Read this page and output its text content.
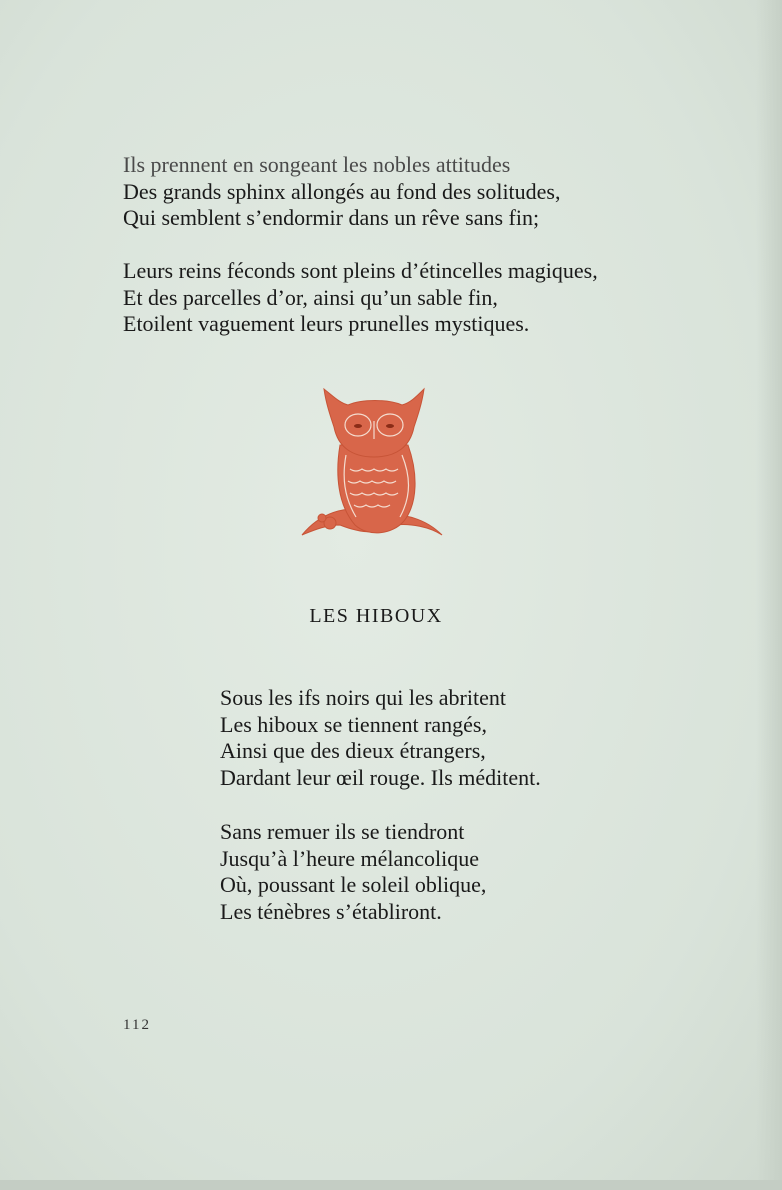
Ils prennent en songeant les nobles attitudes
Des grands sphinx allongés au fond des solitudes,
Qui semblent s’endormir dans un rêve sans fin;
Leurs reins féconds sont pleins d’étincelles magiques,
Et des parcelles d’or, ainsi qu’un sable fin,
Etoilent vaguement leurs prunelles mystiques.
LES HIBOUX
Sous les ifs noirs qui les abritent
Les hiboux se tiennent rangés,
Ainsi que des dieux étrangers,
Dardant leur œil rouge. Ils méditent.
Sans remuer ils se tiendront
Jusqu’à l’heure mélancolique
Où, poussant le soleil oblique,
Les ténèbres s’établiront.
112
